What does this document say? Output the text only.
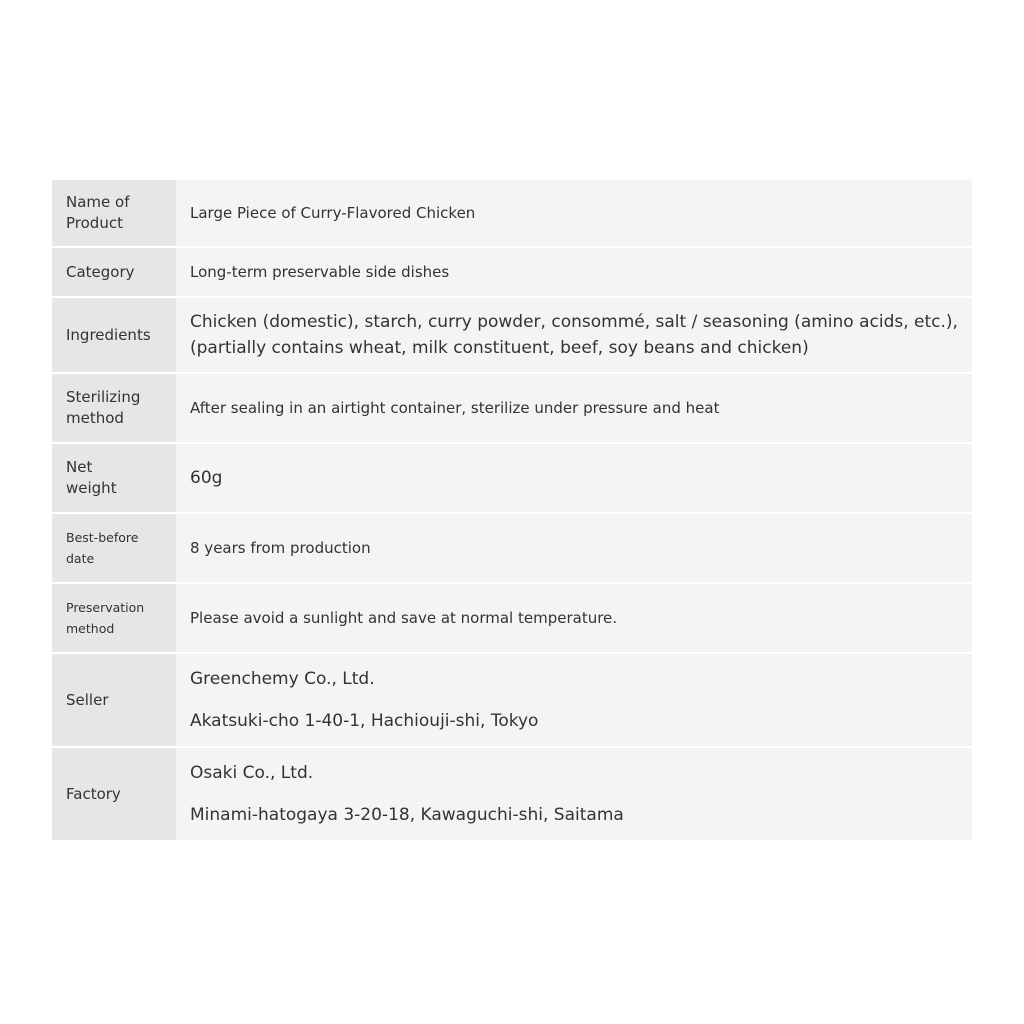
Name of
Product
Large Piece of Curry-Flavored Chicken
Category	Long-term preservable side dishes
Ingredients
Chicken (domestic), starch, curry powder, consommé, salt / seasoning (amino acids, etc.), (partially contains wheat, milk constituent, beef, soy beans and chicken)
Sterilizing
method
After sealing in an airtight container, sterilize under pressure and heat
Net
weight	60g
Best-before
date
8 years from production
Preservation
method
Please avoid a sunlight and save at normal temperature.
Seller
Greenchemy Co., Ltd.
Akatsuki-cho 1-40-1, Hachiouji-shi, Tokyo
Factory
Osaki Co., Ltd.
Minami-hatogaya 3-20-18, Kawaguchi-shi, Saitama
